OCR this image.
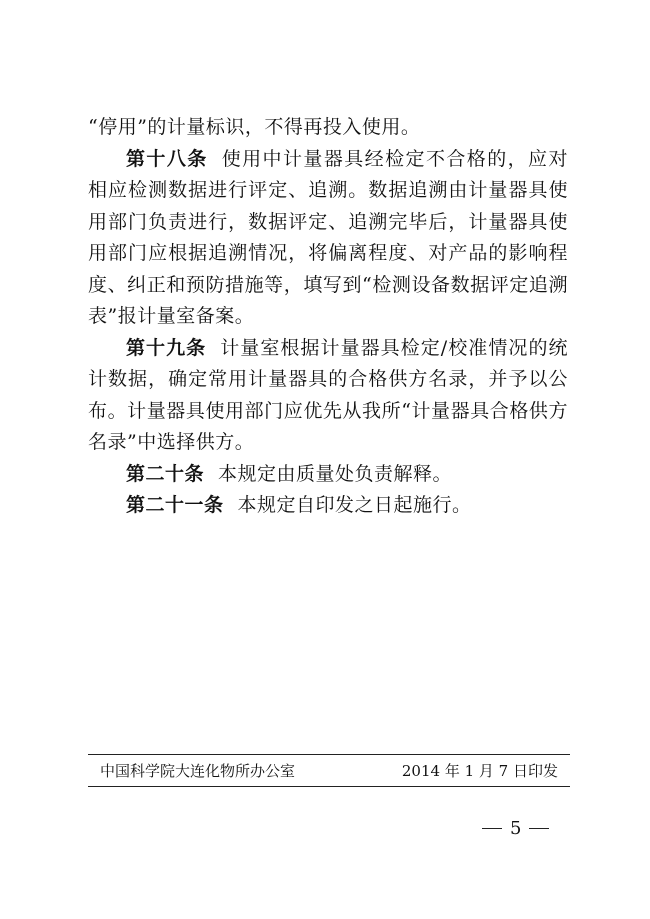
“停用”的计量标识，不得再投入使用。

第十八条 使用中计量器具经检定不合格的，应对相应检测数据进行评定、追溯。数据追溯由计量器具使用部门负责进行，数据评定、追溯完毕后，计量器具使用部门应根据追溯情况，将偏离程度、对产品的影响程度、纠正和预防措施等，填写到“检测设备数据评定追溯表”报计量室备案。

第十九条 计量室根据计量器具检定/校准情况的统计数据，确定常用计量器具的合格供方名录，并予以公布。计量器具使用部门应优先从我所“计量器具合格供方名录”中选择供方。

第二十条 本规定由质量处负责解释。

第二十一条 本规定自印发之日起施行。

中国科学院大连化物所办公室	2014 年 1 月 7 日印发
5
